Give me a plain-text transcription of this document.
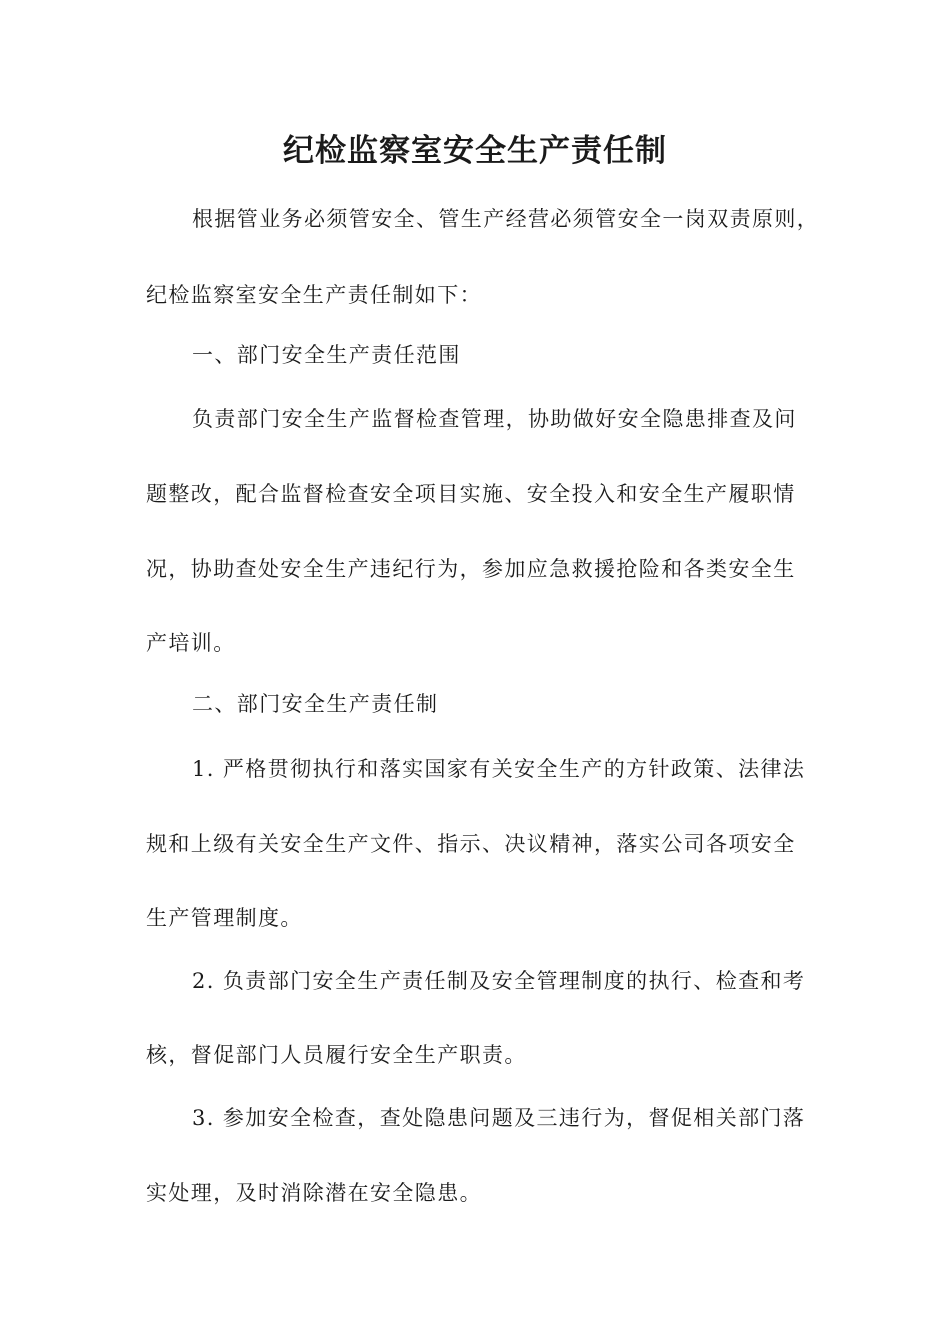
纪检监察室安全生产责任制
根据管业务必须管安全、管生产经营必须管安全一岗双责原则，
纪检监察室安全生产责任制如下：
一、部门安全生产责任范围
负责部门安全生产监督检查管理，协助做好安全隐患排查及问
题整改，配合监督检查安全项目实施、安全投入和安全生产履职情
况，协助查处安全生产违纪行为，参加应急救援抢险和各类安全生
产培训。
二、部门安全生产责任制
1. 严格贯彻执行和落实国家有关安全生产的方针政策、法律法
规和上级有关安全生产文件、指示、决议精神，落实公司各项安全
生产管理制度。
2. 负责部门安全生产责任制及安全管理制度的执行、检查和考
核，督促部门人员履行安全生产职责。
3. 参加安全检查，查处隐患问题及三违行为，督促相关部门落
实处理，及时消除潜在安全隐患。
